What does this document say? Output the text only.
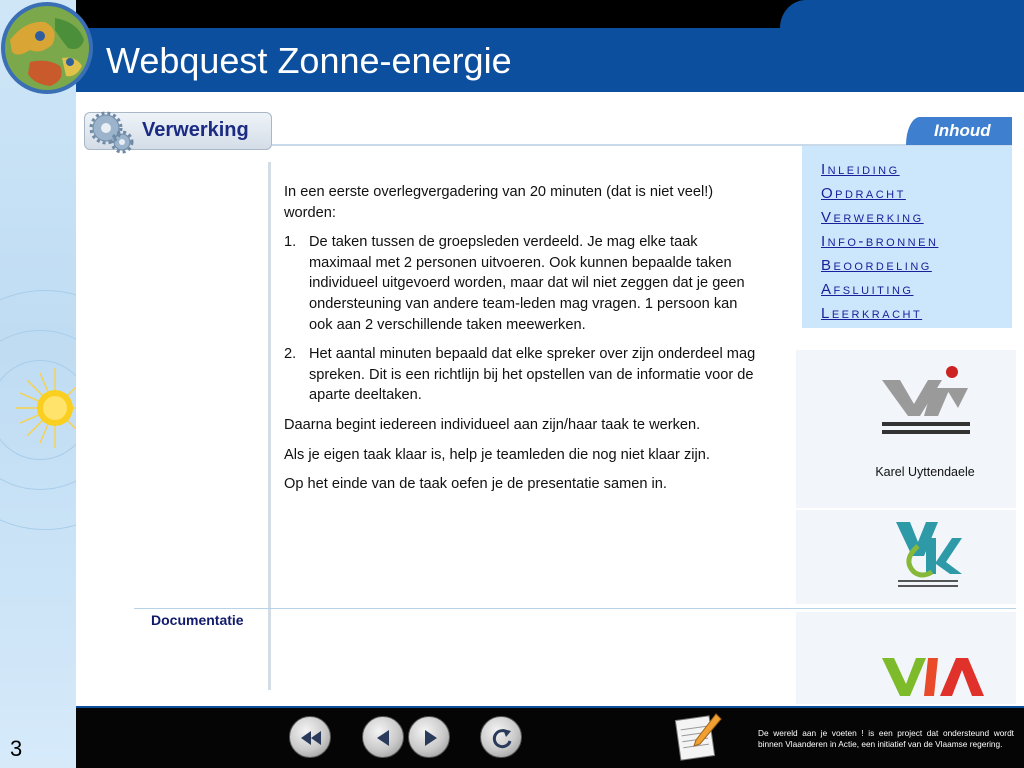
Webquest Zonne-energie
Verwerking

In een eerste overlegvergadering van 20 minuten (dat is niet veel!) worden:

1. De taken tussen de groepsleden verdeeld. Je mag elke taak maximaal met 2 personen uitvoeren. Ook kunnen bepaalde taken individueel uitgevoerd worden, maar dat wil niet zeggen dat je geen ondersteuning van andere team-leden mag vragen. 1 persoon kan ook aan 2 verschillende taken meewerken.
2. Het aantal minuten bepaald dat elke spreker over zijn onderdeel mag spreken. Dit is een richtlijn bij het opstellen van de informatie voor de aparte deeltaken.

Daarna begint iedereen individueel aan zijn/haar taak te werken.

Als je eigen taak klaar is, help je teamleden die nog niet klaar zijn.

Op het einde van de taak oefen je de presentatie samen in.

Documentatie
Inhoud
Inleiding
Opdracht
Verwerking
Info-bronnen
Beoordeling
Afsluiting
Leerkracht
Karel Uyttendaele
3
De wereld aan je voeten ! is een project dat ondersteund wordt binnen Vlaanderen in Actie, een initiatief van de Vlaamse regering.
